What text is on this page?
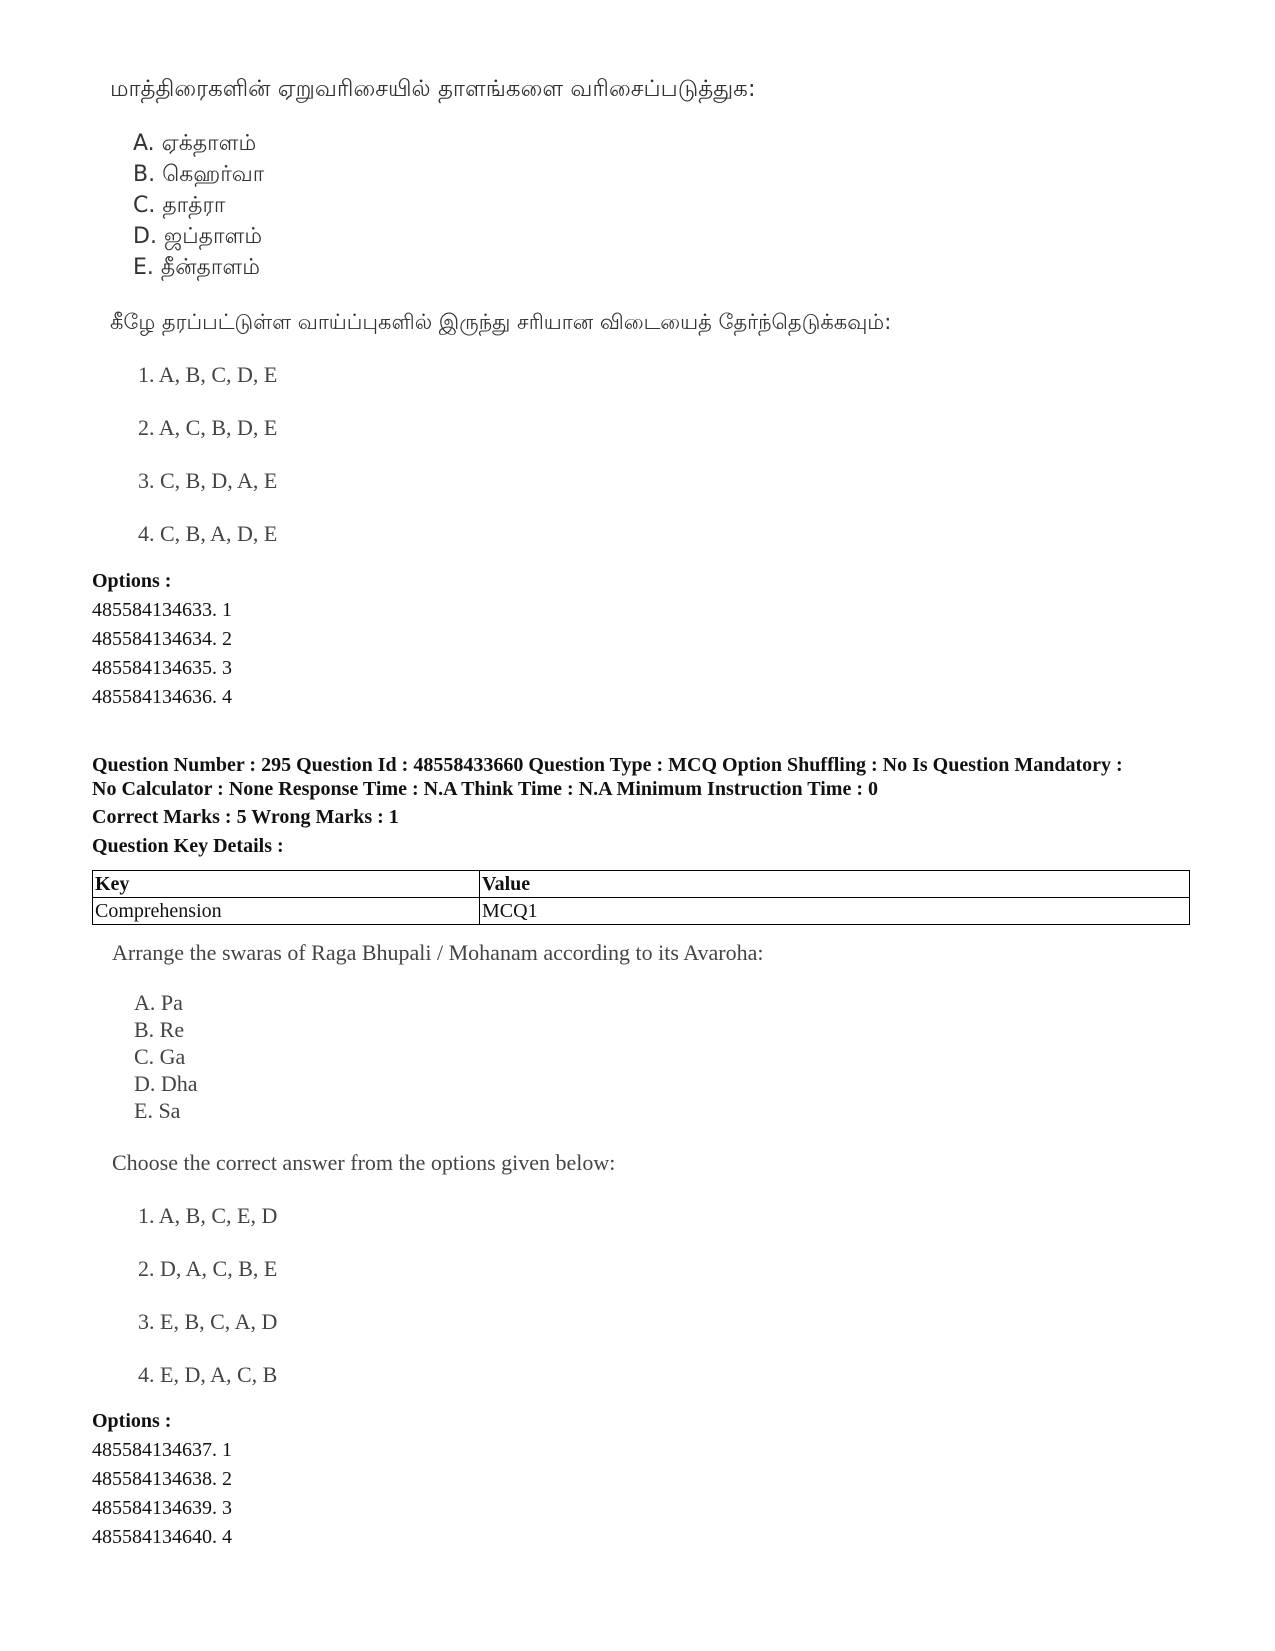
மாத்திரைகளின் ஏறுவரிசையில் தாளங்களை வரிசைப்படுத்துக:
A. ஏக்தாளம்
B. கெஹர்வா
C. தாத்ரா
D. ஜப்தாளம்
E. தீன்தாளம்
கீழே தரப்பட்டுள்ள வாய்ப்புகளில் இருந்து சரியான விடையைத் தேர்ந்தெடுக்கவும்:
1. A, B, C, D, E
2. A, C, B, D, E
3. C, B, D, A, E
4. C, B, A, D, E
Options :
485584134633. 1
485584134634. 2
485584134635. 3
485584134636. 4
Question Number : 295 Question Id : 48558433660 Question Type : MCQ Option Shuffling : No Is Question Mandatory :
No Calculator : None Response Time : N.A Think Time : N.A Minimum Instruction Time : 0
Correct Marks : 5 Wrong Marks : 1
Question Key Details :
Key	Value
Comprehension	MCQ1
Arrange the swaras of Raga Bhupali / Mohanam according to its Avaroha:
A. Pa
B. Re
C. Ga
D. Dha
E. Sa
Choose the correct answer from the options given below:
1. A, B, C, E, D
2. D, A, C, B, E
3. E, B, C, A, D
4. E, D, A, C, B
Options :
485584134637. 1
485584134638. 2
485584134639. 3
485584134640. 4
